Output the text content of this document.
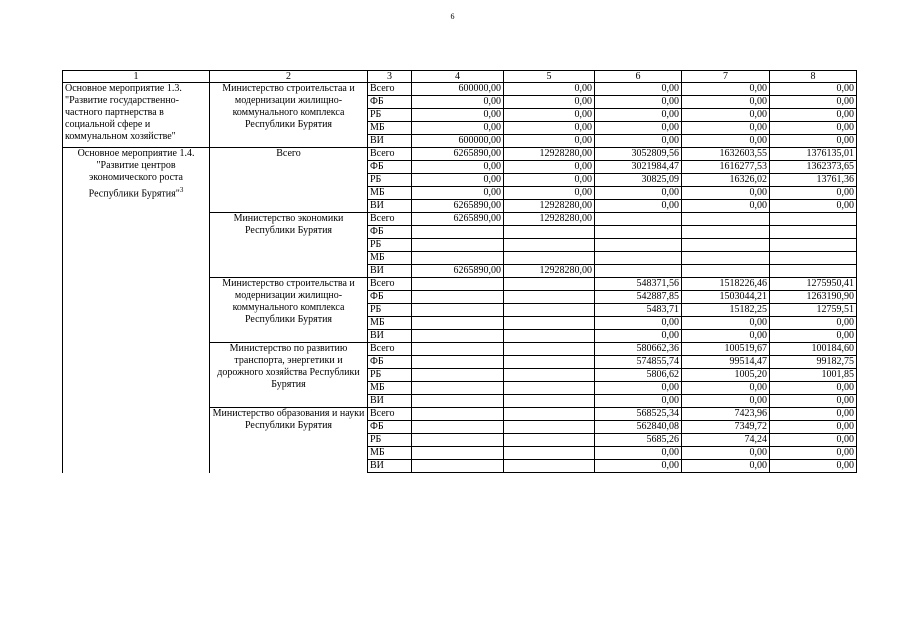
6
1	2	3	4	5	6	7	8
Основное мероприятие 1.3. "Развитие государственно-частного партнерства в социальной сфере и коммунальном хозяйстве"	Министерство строительстаа и модернизации жилищно-коммунального комплекса Республики Бурятия	Всего	600000,00	0,00	0,00	0,00	0,00
		ФБ	0,00	0,00	0,00	0,00	0,00
		РБ	0,00	0,00	0,00	0,00	0,00
		МБ	0,00	0,00	0,00	0,00	0,00
		ВИ	600000,00	0,00	0,00	0,00	0,00
Основное мероприятие 1.4. "Развитие центров экономического роста Республики Бурятия"$^3$	Всего	Всего	6265890,00	12928280,00	3052809,56	1632603,55	1376135,01
		ФБ	0,00	0,00	3021984,47	1616277,53	1362373,65
		РБ	0,00	0,00	30825,09	16326,02	13761,36
		МБ	0,00	0,00	0,00	0,00	0,00
		ВИ	6265890,00	12928280,00	0,00	0,00	0,00
	Министерство экономики Республики Бурятия	Всего	6265890,00	12928280,00			
		ФБ					
		РБ					
		МБ					
		ВИ	6265890,00	12928280,00			
	Министерство строительства и модернизации жилищно-коммунального комплекса Республики Бурятия	Всего			548371,56	1518226,46	1275950,41
		ФБ			542887,85	1503044,21	1263190,90
		РБ			5483,71	15182,25	12759,51
		МБ			0,00	0,00	0,00
		ВИ			0,00	0,00	0,00
	Министерство по развитию транспорта, энергетики и дорожного хозяйства Республики Бурятия	Всего			580662,36	100519,67	100184,60
		ФБ			574855,74	99514,47	99182,75
		РБ			5806,62	1005,20	1001,85
		МБ			0,00	0,00	0,00
		ВИ			0,00	0,00	0,00
	Министерство образования и науки Республики Бурятия	Всего			568525,34	7423,96	0,00
		ФБ			562840,08	7349,72	0,00
		РБ			5685,26	74,24	0,00
		МБ			0,00	0,00	0,00
		ВИ			0,00	0,00	0,00
